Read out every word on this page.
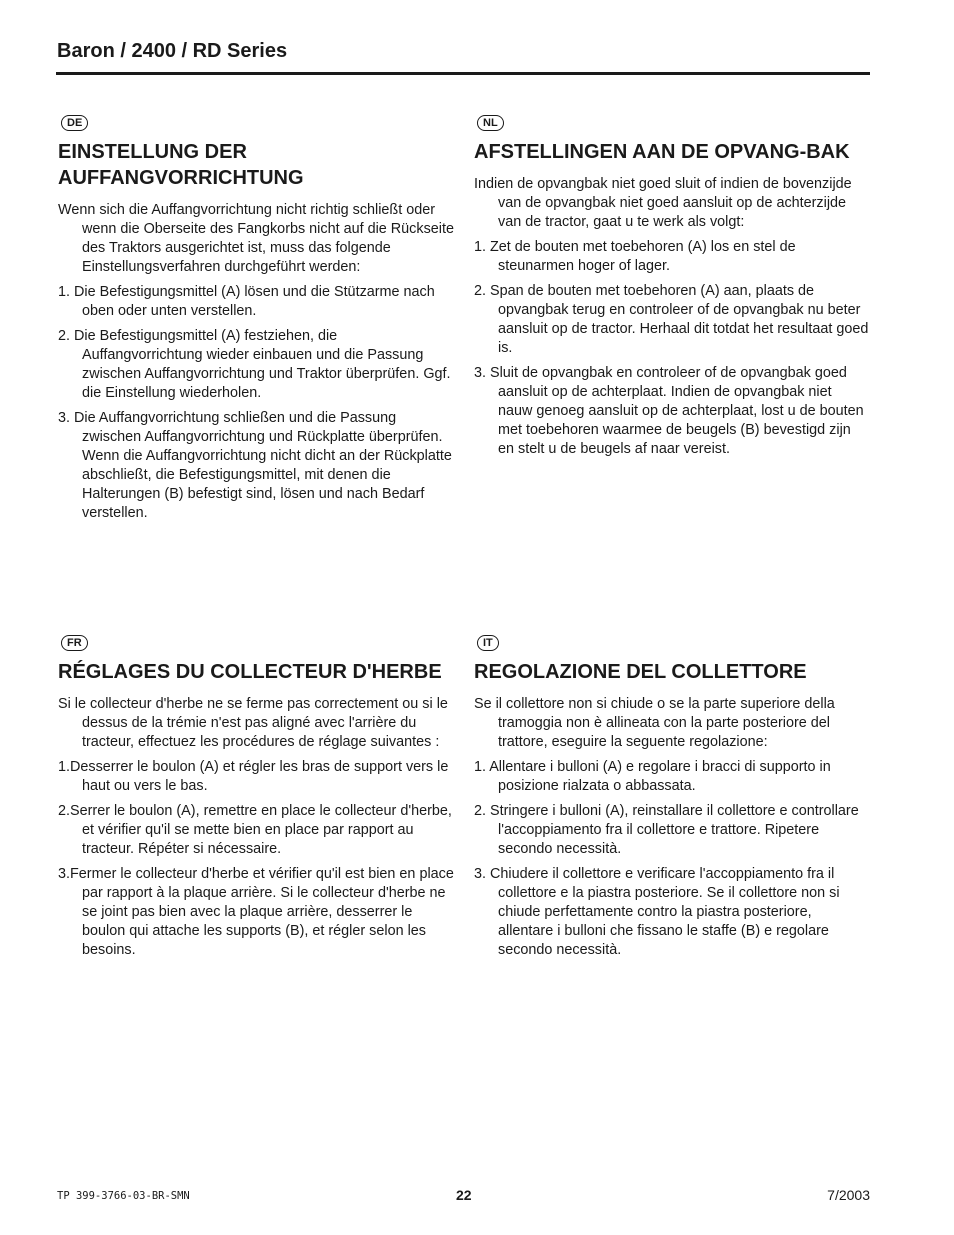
Baron / 2400 / RD Series
DE
EINSTELLUNG DER AUFFANGVORRICHTUNG

Wenn sich die Auffangvorrichtung nicht richtig schließt oder wenn die Oberseite des Fangkorbs nicht auf die Rückseite des Traktors ausgerichtet ist, muss das folgende Einstellungsverfahren durchgeführt werden:

1. Die Befestigungsmittel (A) lösen und die Stützarme nach oben oder unten verstellen.

2. Die Befestigungsmittel (A) festziehen, die Auffangvorrichtung wieder einbauen und die Passung zwischen Auffangvorrichtung und Traktor überprüfen. Ggf. die Einstellung wiederholen.

3. Die Auffangvorrichtung schließen und die Passung zwischen Auffangvorrichtung und Rückplatte überprüfen. Wenn die Auffangvorrichtung nicht dicht an der Rückplatte abschließt, die Befestigungsmittel, mit denen die Halterungen (B) befestigt sind, lösen und nach Bedarf verstellen.

NL
AFSTELLINGEN AAN DE OPVANG-BAK

Indien de opvangbak niet goed sluit of indien de bovenzijde van de opvangbak niet goed aansluit op de achterzijde van de tractor, gaat u te werk als volgt:

1. Zet de bouten met toebehoren (A) los en stel de steunarmen hoger of lager.

2. Span de bouten met toebehoren (A) aan, plaats de opvangbak terug en controleer of de opvangbak nu beter aansluit op de tractor. Herhaal dit totdat het resultaat goed is.

3. Sluit de opvangbak en controleer of de opvangbak goed aansluit op de achterplaat. Indien de opvangbak niet nauw genoeg aansluit op de achterplaat, lost u de bouten met toebehoren waarmee de beugels (B) bevestigd zijn en stelt u de beugels af naar vereist.

FR
RÉGLAGES DU COLLECTEUR D'HERBE

Si le collecteur d'herbe ne se ferme pas correctement ou si le dessus de la trémie n'est pas aligné avec l'arrière du tracteur, effectuez les procédures de réglage suivantes :

1.Desserrer le boulon (A) et régler les bras de support vers le haut ou vers le bas.

2.Serrer le boulon (A), remettre en place le collecteur d'herbe, et vérifier qu'il se mette bien en place par rapport au tracteur. Répéter si nécessaire.

3.Fermer le collecteur d'herbe et vérifier qu'il est bien en place par rapport à la plaque arrière. Si le collecteur d'herbe ne se joint pas bien avec la plaque arrière, desserrer le boulon qui attache les supports (B), et régler selon les besoins.

IT
REGOLAZIONE DEL COLLETTORE

Se il collettore non si chiude o se la parte superiore della tramoggia non è allineata con la parte posteriore del trattore, eseguire la seguente regolazione:

1. Allentare i bulloni (A) e regolare i bracci di supporto in posizione rialzata o abbassata.

2. Stringere i bulloni (A), reinstallare il collettore e controllare l'accoppiamento fra il collettore e trattore. Ripetere secondo necessità.

3. Chiudere il collettore e verificare l'accoppiamento fra il collettore e la piastra posteriore. Se il collettore non si chiude perfettamente contro la piastra posteriore, allentare i bulloni che fissano le staffe (B) e regolare secondo necessità.

TP 399-3766-03-BR-SMN	22	7/2003
